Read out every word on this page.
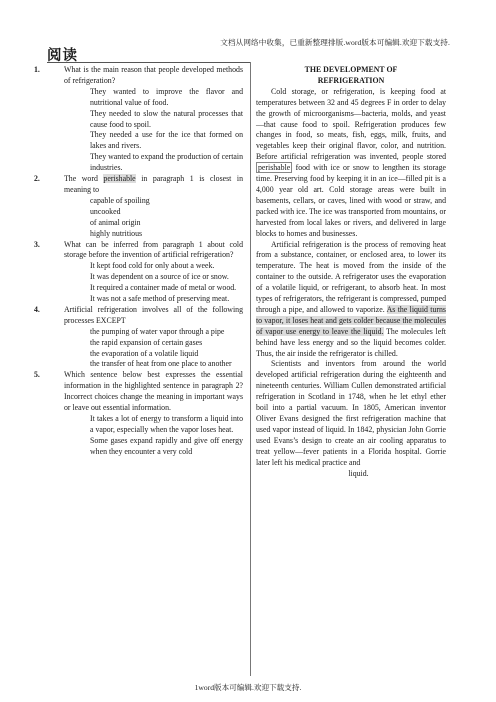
文档从网络中收集，已重新整理排版.word版本可编辑.欢迎下载支持.
阅读
1.	What is the main reason that people developed methods of refrigeration?
They wanted to improve the flavor and nutritional value of food.
They needed to slow the natural processes that cause food to spoil.
They needed a use for the ice that formed on lakes and rivers.
They wanted to expand the production of certain industries.
2.	The word perishable in paragraph 1 is closest in meaning to
capable of spoiling
uncooked
of animal origin
highly nutritious
3.	What can be inferred from paragraph 1 about cold storage before the invention of artificial refrigeration?
It kept food cold for only about a week.
It was dependent on a source of ice or snow.
It required a container made of metal or wood.
It was not a safe method of preserving meat.
4.	Artificial refrigeration involves all of the following processes EXCEPT
the pumping of water vapor through a pipe
the rapid expansion of certain gases
the evaporation of a volatile liquid
the transfer of heat from one place to another
5.	Which sentence below best expresses the essential information in the highlighted sentence in paragraph 2? Incorrect choices change the meaning in important ways or leave out essential information.
It takes a lot of energy to transform a liquid into a vapor, especially when the vapor loses heat.
Some gases expand rapidly and give off energy when they encounter a very cold
THE DEVELOPMENT OF
REFRIGERATION
Cold storage, or refrigeration, is keeping food at temperatures between 32 and 45 degrees F in order to delay the growth of microorganisms—bacteria, molds, and yeast—that cause food to spoil. Refrigeration produces few changes in food, so meats, fish, eggs, milk, fruits, and vegetables keep their original flavor, color, and nutrition. Before artificial refrigeration was invented, people stored perishable food with ice or snow to lengthen its storage time. Preserving food by keeping it in an ice—filled pit is a 4,000 year old art. Cold storage areas were built in basements, cellars, or caves, lined with wood or straw, and packed with ice. The ice was transported from mountains, or harvested from local lakes or rivers, and delivered in large blocks to homes and businesses.
Artificial refrigeration is the process of removing heat from a substance, container, or enclosed area, to lower its temperature. The heat is moved from the inside of the container to the outside. A refrigerator uses the evaporation of a volatile liquid, or refrigerant, to absorb heat. In most types of refrigerators, the refrigerant is compressed, pumped through a pipe, and allowed to vaporize. As the liquid turns to vapor, it loses heat and gets colder because the molecules of vapor use energy to leave the liquid. The molecules left behind have less energy and so the liquid becomes colder. Thus, the air inside the refrigerator is chilled.
Scientists and inventors from around the world developed artificial refrigeration during the eighteenth and nineteenth centuries. William Cullen demonstrated artificial refrigeration in Scotland in 1748, when he let ethyl ether boil into a partial vacuum. In 1805, American inventor Oliver Evans designed the first refrigeration machine that used vapor instead of liquid. In 1842, physician John Gorrie used Evans’s design to create an air cooling apparatus to treat yellow—fever patients in a Florida hospital. Gorrie later left his medical practice and
liquid.
1word版本可编辑.欢迎下载支持.
